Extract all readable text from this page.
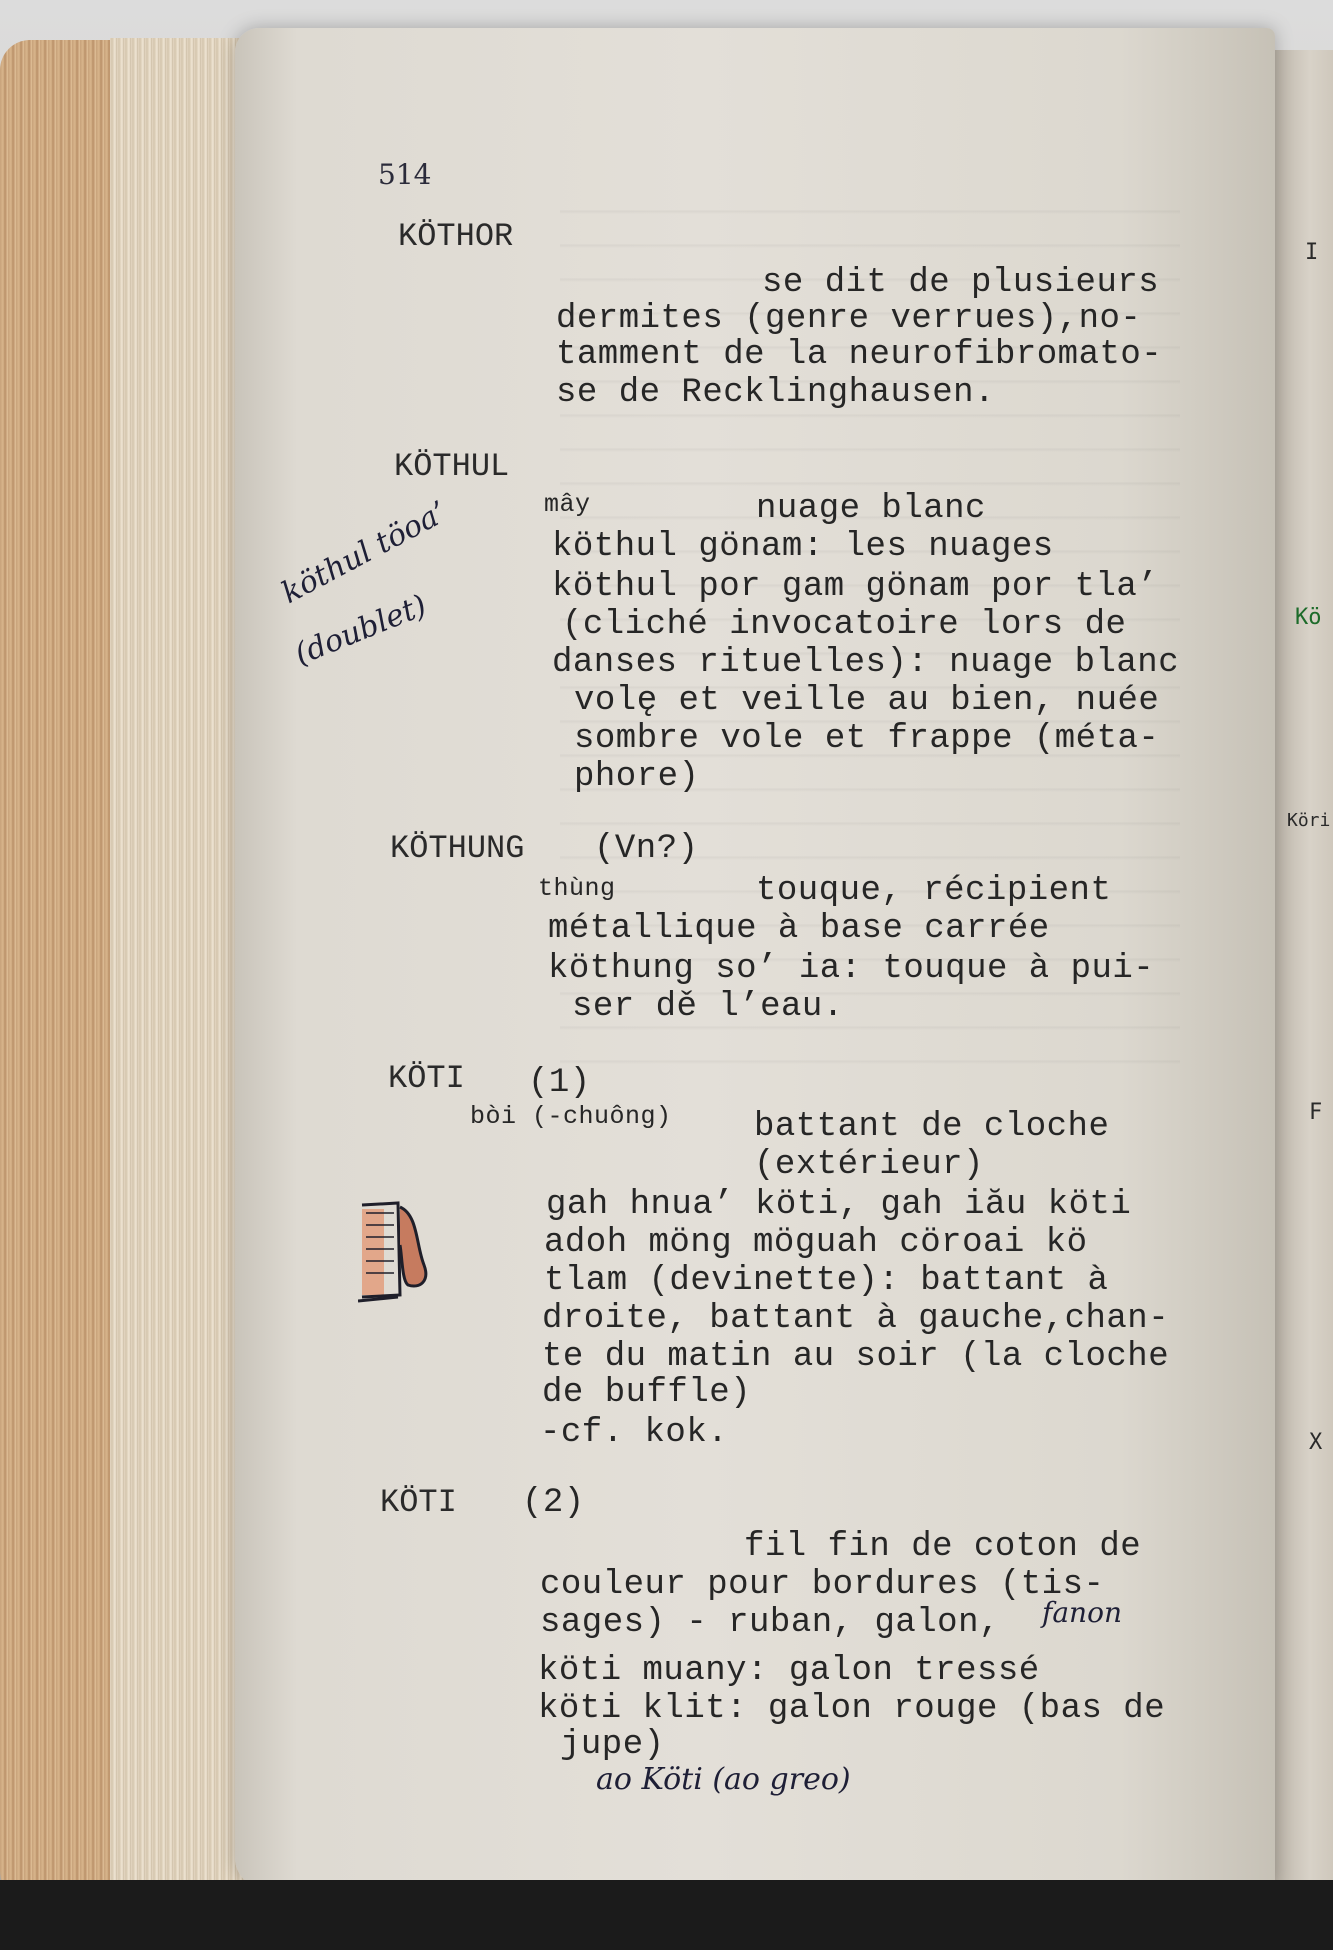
I
Kö
Köri
F
X
514
KÖTHOR
se dit de plusieurs
dermites (genre verrues),no-
tamment de la neurofibromato-
se de Recklinghausen.
KÖTHUL
mây	nuage blanc
köthul gönam: les nuages
köthul por gam gönam por tla’
(cliché invocatoire lors de
danses rituelles): nuage blanc
volę et veille au bien, nuée
sombre vole et frappe (méta-
phore)
köthul töoa’
(doublet)
KÖTHUNG (Vn?)
thùng	touque, récipient
métallique à base carrée
köthung so’ ia: touque à pui-
ser dě l’eau.
KÖTI (1)
bòi (-chuông) battant de cloche
(extérieur)
gah hnua’ köti, gah iău köti
adoh möng möguah cöroai kö
tlam (devinette): battant à
droite, battant à gauche,chan-
te du matin au soir (la cloche
de buffle)
-cf. kok.
KÖTI (2)
fil fin de coton de
couleur pour bordures (tis-
sages) - ruban, galon, fanon
köti muany: galon tressé
köti klit: galon rouge (bas de
jupe)
ao Köti (ao greo)
